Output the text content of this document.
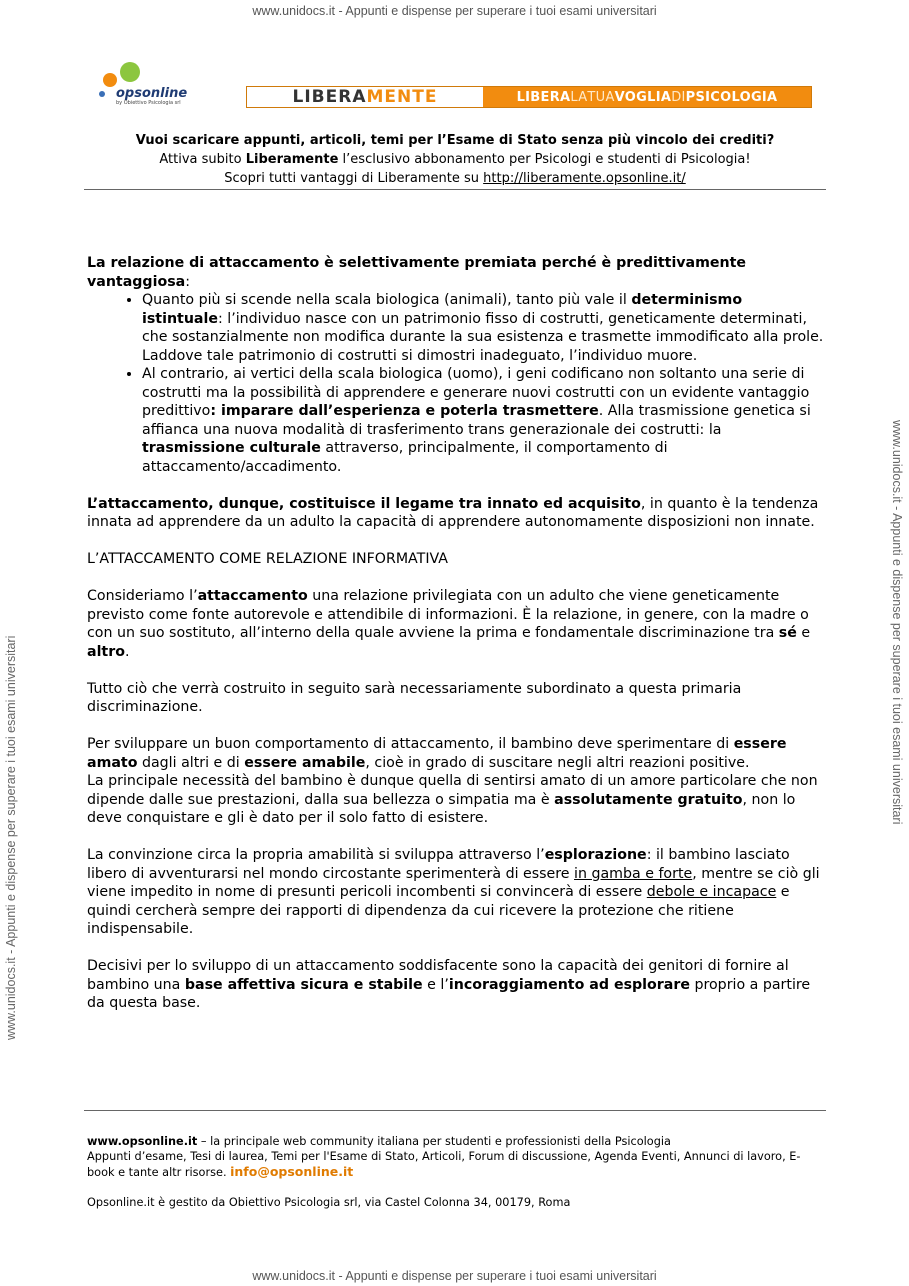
www.unidocs.it - Appunti e dispense per superare i tuoi esami universitari
www.unidocs.it - Appunti e dispense per superare i tuoi esami universitari
www.unidocs.it - Appunti e dispense per superare i tuoi esami universitari
www.unidocs.it - Appunti e dispense per superare i tuoi esami universitari
opsonline
by Obiettivo Psicologia srl	LIBERA MENTE	LIBERA LA TUA VOGLIA DI PSICOLOGIA
Vuoi scaricare appunti, articoli, temi per l’Esame di Stato senza più vincolo dei crediti?
Attiva subito Liberamente l’esclusivo abbonamento per Psicologi e studenti di Psicologia!
Scopri tutti vantaggi di Liberamente su http://liberamente.opsonline.it/

La relazione di attaccamento è selettivamente premiata perché è predittivamente vantaggiosa:

• Quanto più si scende nella scala biologica (animali), tanto più vale il determinismo istintuale: l’individuo nasce con un patrimonio fisso di costrutti, geneticamente determinati, che sostanzialmente non modifica durante la sua esistenza e trasmette immodificato alla prole. Laddove tale patrimonio di costrutti si dimostri inadeguato, l’individuo muore.
• Al contrario, ai vertici della scala biologica (uomo), i geni codificano non soltanto una serie di costrutti ma la possibilità di apprendere e generare nuovi costrutti con un evidente vantaggio predittivo: imparare dall’esperienza e poterla trasmettere. Alla trasmissione genetica si affianca una nuova modalità di trasferimento trans generazionale dei costrutti: la trasmissione culturale attraverso, principalmente, il comportamento di attaccamento/accadimento.

L’attaccamento, dunque, costituisce il legame tra innato ed acquisito, in quanto è la tendenza innata ad apprendere da un adulto la capacità di apprendere autonomamente disposizioni non innate.

L’ATTACCAMENTO COME RELAZIONE INFORMATIVA

Consideriamo l’attaccamento una relazione privilegiata con un adulto che viene geneticamente previsto come fonte autorevole e attendibile di informazioni. È la relazione, in genere, con la madre o con un suo sostituto, all’interno della quale avviene la prima e fondamentale discriminazione tra sé e altro.

Tutto ciò che verrà costruito in seguito sarà necessariamente subordinato a questa primaria discriminazione.

Per sviluppare un buon comportamento di attaccamento, il bambino deve sperimentare di essere amato dagli altri e di essere amabile, cioè in grado di suscitare negli altri reazioni positive.
La principale necessità del bambino è dunque quella di sentirsi amato di un amore particolare che non dipende dalle sue prestazioni, dalla sua bellezza o simpatia ma è assolutamente gratuito, non lo deve conquistare e gli è dato per il solo fatto di esistere.

La convinzione circa la propria amabilità si sviluppa attraverso l’esplorazione: il bambino lasciato libero di avventurarsi nel mondo circostante sperimenterà di essere in gamba e forte, mentre se ciò gli viene impedito in nome di presunti pericoli incombenti si convincerà di essere debole e incapace e quindi cercherà sempre dei rapporti di dipendenza da cui ricevere la protezione che ritiene indispensabile.

Decisivi per lo sviluppo di un attaccamento soddisfacente sono la capacità dei genitori di fornire al bambino una base affettiva sicura e stabile e l’incoraggiamento ad esplorare proprio a partire da questa base.

www.opsonline.it – la principale web community italiana per studenti e professionisti della Psicologia

Appunti d’esame, Tesi di laurea, Temi per l'Esame di Stato, Articoli, Forum di discussione, Agenda Eventi, Annunci di lavoro, E-book e tante altr risorse. info@opsonline.it

Opsonline.it è gestito da Obiettivo Psicologia srl, via Castel Colonna 34, 00179, Roma
